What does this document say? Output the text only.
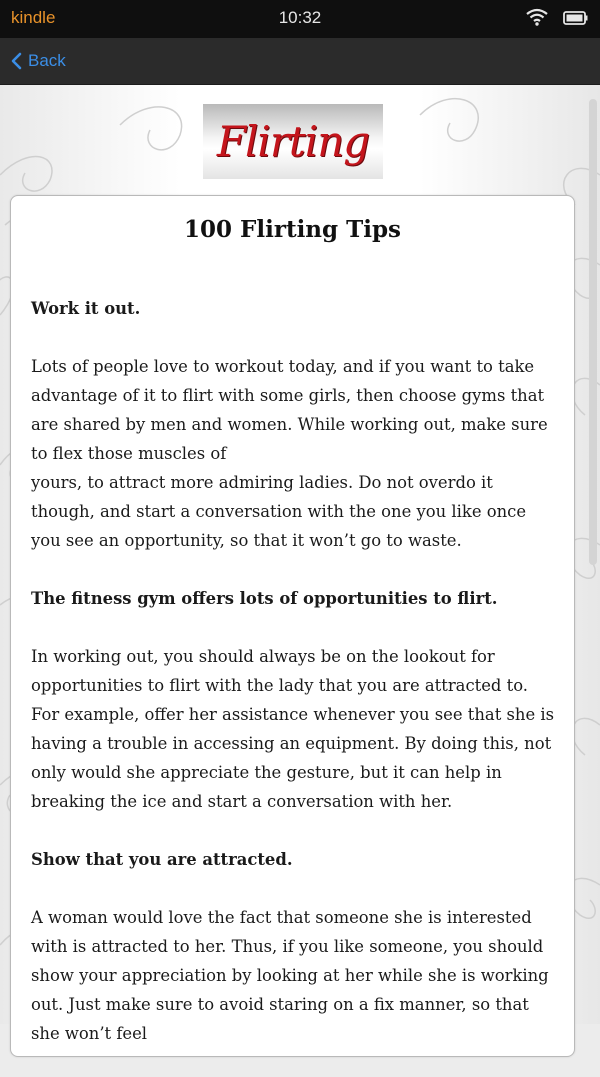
kindle	10:32
Back
Flirting
100 Flirting Tips

Work it out.

Lots of people love to workout today, and if you want to take advantage of it to flirt with some girls, then choose gyms that are shared by men and women. While working out, make sure to flex those muscles of

yours, to attract more admiring ladies. Do not overdo it though, and start a conversation with the one you like once you see an opportunity, so that it won’t go to waste.

The fitness gym offers lots of opportunities to flirt.

In working out, you should always be on the lookout for opportunities to flirt with the lady that you are attracted to. For example, offer her assistance whenever you see that she is having a trouble in accessing an equipment. By doing this, not only would she appreciate the gesture, but it can help in breaking the ice and start a conversation with her.

Show that you are attracted.

A woman would love the fact that someone she is interested with is attracted to her. Thus, if you like someone, you should show your appreciation by looking at her while she is working out. Just make sure to avoid staring on a fix manner, so that she won’t feel
